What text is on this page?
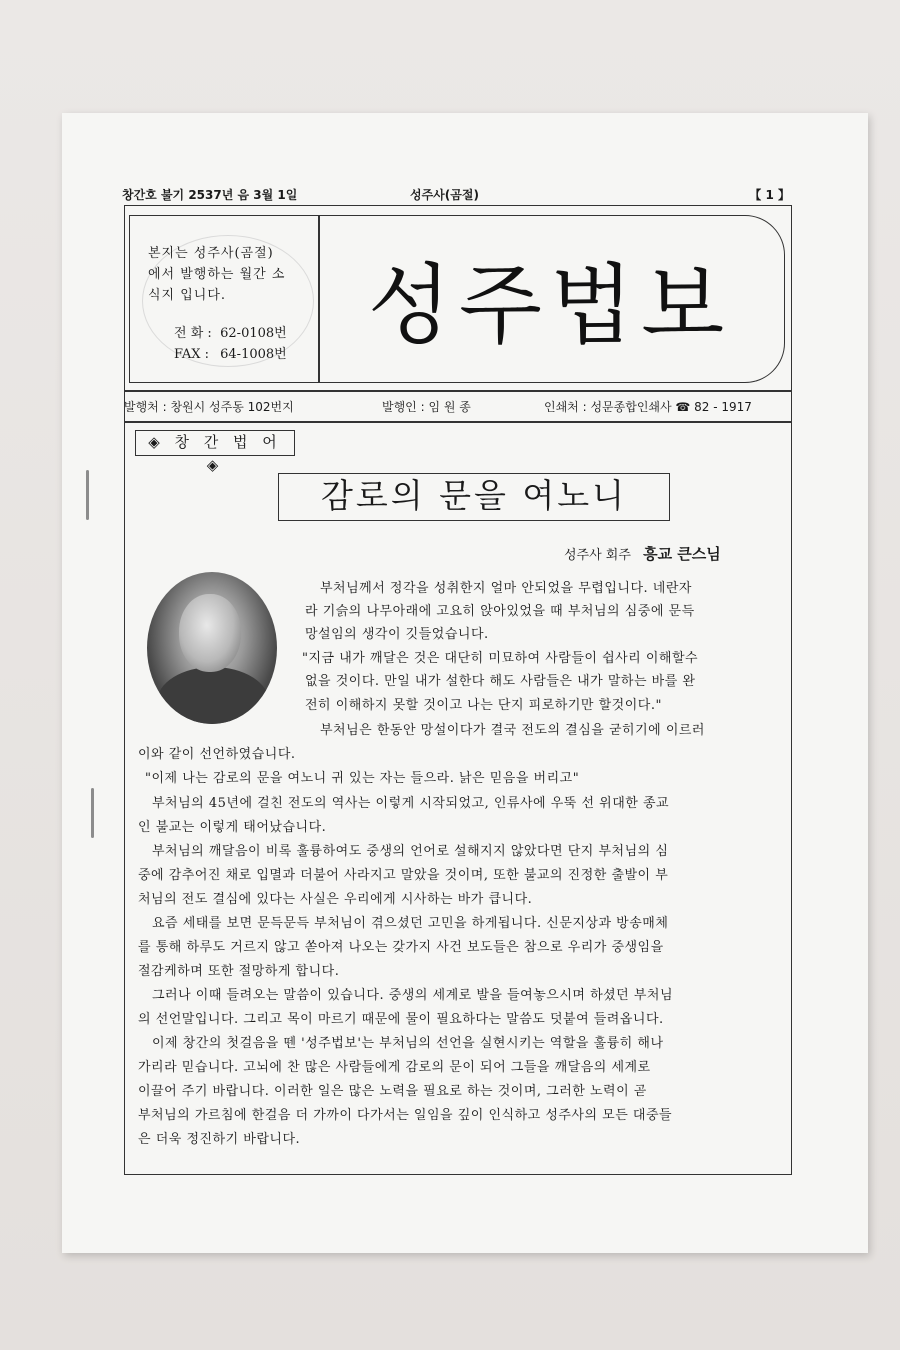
창간호 불기 2537년 음 3월 1일	성주사(곰절)	【 1 】
본지는 성주사(곰절)
에서 발행하는 월간 소
식지 입니다.
전 화 : 62-0108번
FAX : 64-1008번 성주법보
발행처 : 창원시 성주동 102번지	발행인 : 임 원 종	인쇄처 : 성문종합인쇄사 ☎ 82 - 1917
◈ 창 간 법 어 ◈
감로의 문을 여노니
성주사 회주 흥교 큰스님
부처님께서 정각을 성취한지 얼마 안되었을 무렵입니다. 네란자
라 기슭의 나무아래에 고요히 앉아있었을 때 부처님의 심중에 문득
망설임의 생각이 깃들었습니다.
"지금 내가 깨달은 것은 대단히 미묘하여 사람들이 쉽사리 이해할수
없을 것이다. 만일 내가 설한다 해도 사람들은 내가 말하는 바를 완
전히 이해하지 못할 것이고 나는 단지 피로하기만 할것이다."
부처님은 한동안 망설이다가 결국 전도의 결심을 굳히기에 이르러
이와 같이 선언하였습니다.
"이제 나는 감로의 문을 여노니 귀 있는 자는 들으라. 낡은 믿음을 버리고"
부처님의 45년에 걸친 전도의 역사는 이렇게 시작되었고, 인류사에 우뚝 선 위대한 종교
인 불교는 이렇게 태어났습니다.
부처님의 깨달음이 비록 훌륭하여도 중생의 언어로 설해지지 않았다면 단지 부처님의 심
중에 감추어진 채로 입멸과 더불어 사라지고 말았을 것이며, 또한 불교의 진정한 출발이 부
처님의 전도 결심에 있다는 사실은 우리에게 시사하는 바가 큽니다.
요즘 세태를 보면 문득문득 부처님이 겪으셨던 고민을 하게됩니다. 신문지상과 방송매체
를 통해 하루도 거르지 않고 쏟아져 나오는 갖가지 사건 보도들은 참으로 우리가 중생임을
절감케하며 또한 절망하게 합니다.
그러나 이때 들려오는 말씀이 있습니다. 중생의 세계로 발을 들여놓으시며 하셨던 부처님
의 선언말입니다. 그리고 목이 마르기 때문에 물이 필요하다는 말씀도 덧붙여 들려옵니다.
이제 창간의 첫걸음을 뗀 '성주법보'는 부처님의 선언을 실현시키는 역할을 훌륭히 해나
가리라 믿습니다. 고뇌에 찬 많은 사람들에게 감로의 문이 되어 그들을 깨달음의 세계로
이끌어 주기 바랍니다. 이러한 일은 많은 노력을 필요로 하는 것이며, 그러한 노력이 곧
부처님의 가르침에 한걸음 더 가까이 다가서는 일임을 깊이 인식하고 성주사의 모든 대중들
은 더욱 정진하기 바랍니다.
